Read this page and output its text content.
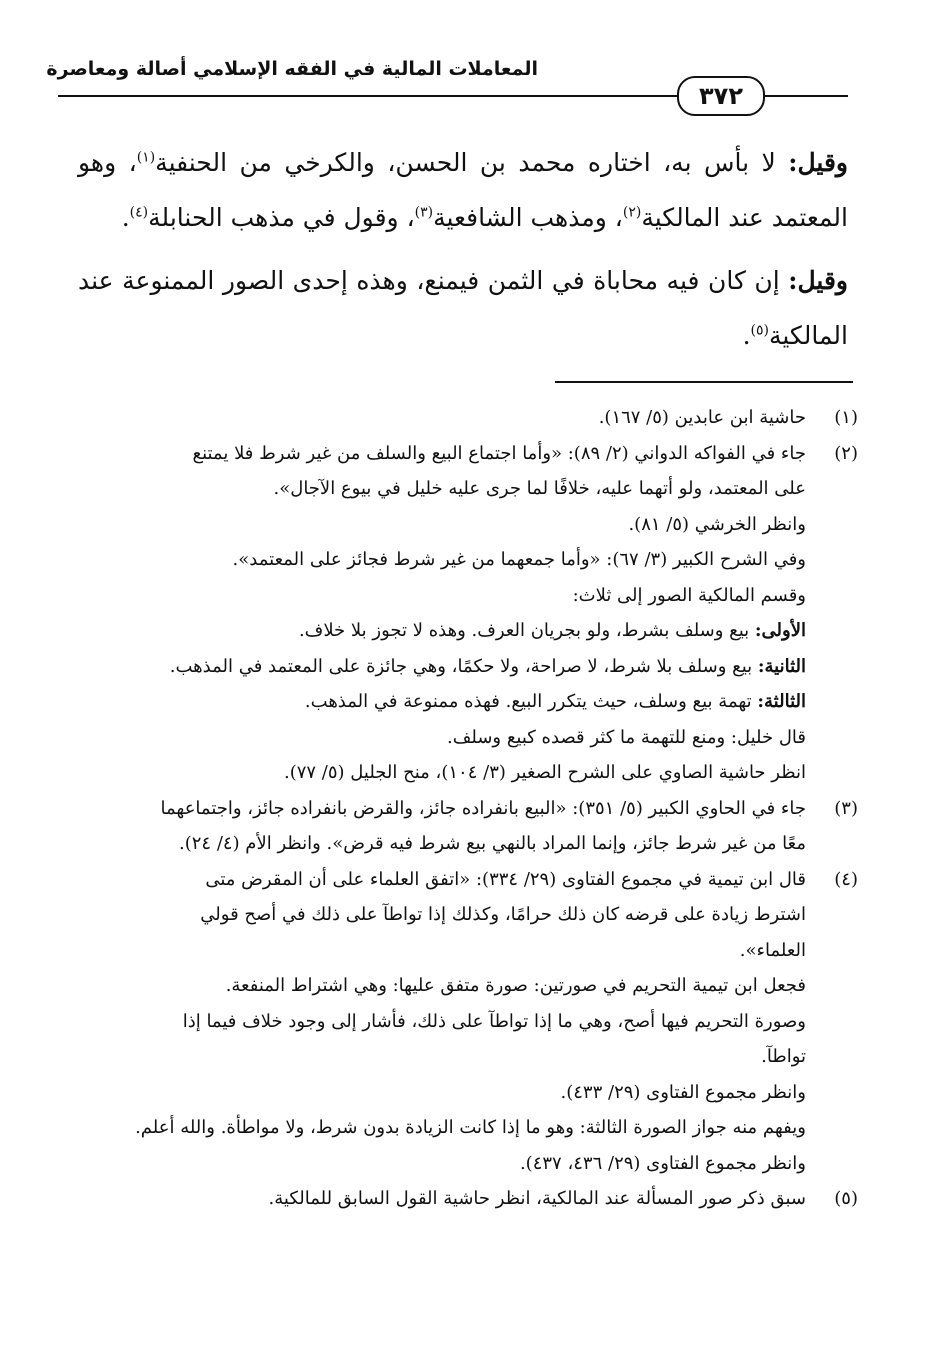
المعاملات المالية في الفقه الإسلامي أصالة ومعاصرة
٣٧٢

وقيل: لا بأس به، اختاره محمد بن الحسن، والكرخي من الحنفية$^{(١)}$، وهو المعتمد عند المالكية$^{(٢)}$، ومذهب الشافعية$^{(٣)}$، وقول في مذهب الحنابلة$^{(٤)}$.

وقيل: إن كان فيه محاباة في الثمن فيمنع، وهذه إحدى الصور الممنوعة عند المالكية$^{(٥)}$.

(١)
حاشية ابن عابدين (٥/ ١٦٧).
(٢)
جاء في الفواكه الدواني (٢/ ٨٩): «وأما اجتماع البيع والسلف من غير شرط فلا يمتنع
على المعتمد، ولو أتهما عليه، خلافًا لما جرى عليه خليل في بيوع الآجال».
وانظر الخرشي (٥/ ٨١).
وفي الشرح الكبير (٣/ ٦٧): «وأما جمعهما من غير شرط فجائز على المعتمد».
وقسم المالكية الصور إلى ثلاث:
الأولى: بيع وسلف بشرط، ولو بجريان العرف. وهذه لا تجوز بلا خلاف.
الثانية: بيع وسلف بلا شرط، لا صراحة، ولا حكمًا، وهي جائزة على المعتمد في المذهب.
الثالثة: تهمة بيع وسلف، حيث يتكرر البيع. فهذه ممنوعة في المذهب.
قال خليل: ومنع للتهمة ما كثر قصده كبيع وسلف.
انظر حاشية الصاوي على الشرح الصغير (٣/ ١٠٤)، منح الجليل (٥/ ٧٧).
(٣)
جاء في الحاوي الكبير (٥/ ٣٥١): «البيع بانفراده جائز، والقرض بانفراده جائز، واجتماعهما
معًا من غير شرط جائز، وإنما المراد بالنهي بيع شرط فيه قرض». وانظر الأم (٤/ ٢٤).
(٤)
قال ابن تيمية في مجموع الفتاوى (٢٩/ ٣٣٤): «اتفق العلماء على أن المقرض متى
اشترط زيادة على قرضه كان ذلك حرامًا، وكذلك إذا تواطآ على ذلك في أصح قولي
العلماء».
فجعل ابن تيمية التحريم في صورتين: صورة متفق عليها: وهي اشتراط المنفعة.
وصورة التحريم فيها أصح، وهي ما إذا تواطآ على ذلك، فأشار إلى وجود خلاف فيما إذا
تواطآ.
وانظر مجموع الفتاوى (٢٩/ ٤٣٣).
ويفهم منه جواز الصورة الثالثة: وهو ما إذا كانت الزيادة بدون شرط، ولا مواطأة. والله أعلم.
وانظر مجموع الفتاوى (٢٩/ ٤٣٦، ٤٣٧).
(٥)
سبق ذكر صور المسألة عند المالكية، انظر حاشية القول السابق للمالكية.
